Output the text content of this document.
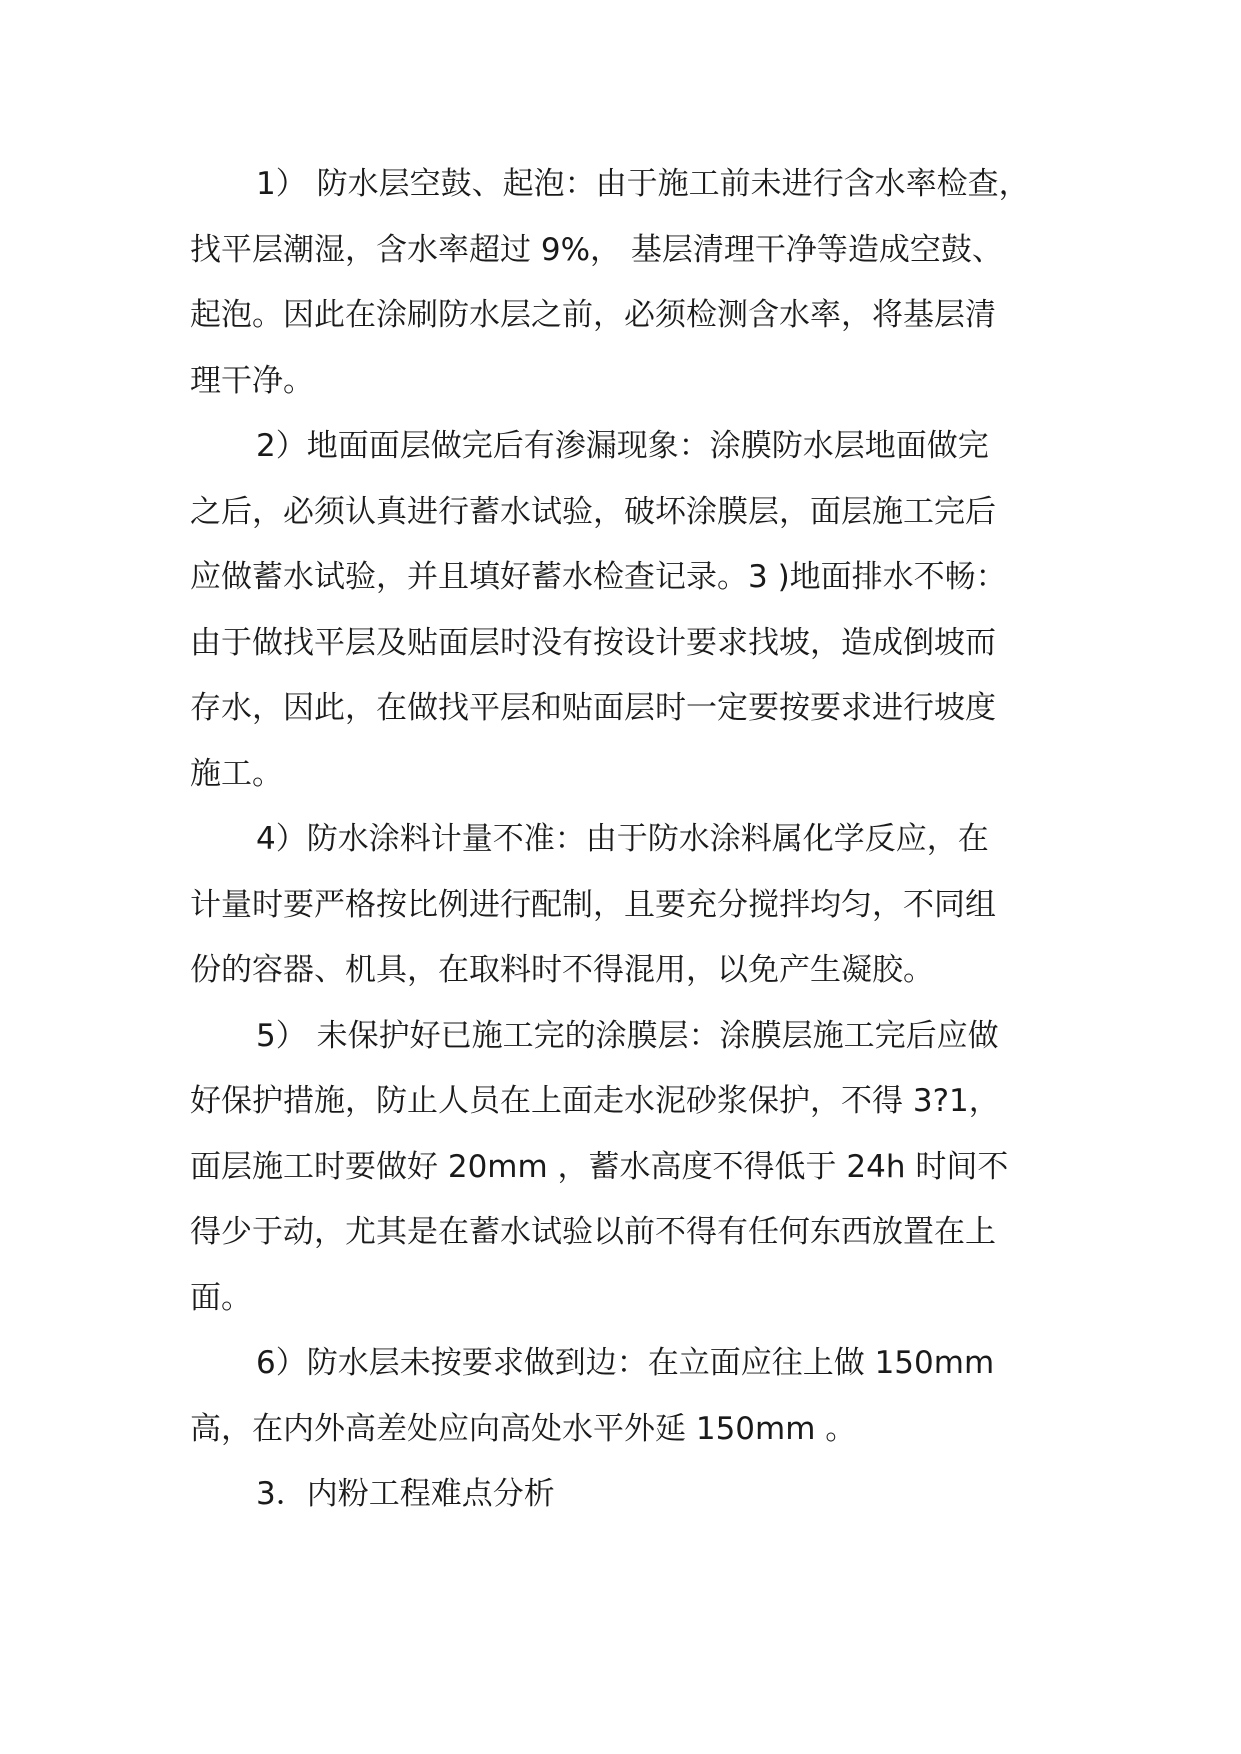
1） 防水层空鼓、起泡：由于施工前未进行含水率检查，
找平层潮湿，含水率超过 9%， 基层清理干净等造成空鼓、
起泡。因此在涂刷防水层之前，必须检测含水率，将基层清
理干净。
2）地面面层做完后有渗漏现象：涂膜防水层地面做完
之后，必须认真进行蓄水试验，破坏涂膜层，面层施工完后
应做蓄水试验，并且填好蓄水检查记录。3 )地面排水不畅：
由于做找平层及贴面层时没有按设计要求找坡，造成倒坡而
存水，因此，在做找平层和贴面层时一定要按要求进行坡度
施工。
4）防水涂料计量不准：由于防水涂料属化学反应，在
计量时要严格按比例进行配制，且要充分搅拌均匀，不同组
份的容器、机具，在取料时不得混用，以免产生凝胶。
5） 未保护好已施工完的涂膜层：涂膜层施工完后应做
好保护措施，防止人员在上面走水泥砂浆保护，不得 3?1，
面层施工时要做好 20mm ，蓄水高度不得低于 24h 时间不
得少于动，尤其是在蓄水试验以前不得有任何东西放置在上
面。
6）防水层未按要求做到边：在立面应往上做 150mm
高，在内外高差处应向高处水平外延 150mm 。
3．内粉工程难点分析
